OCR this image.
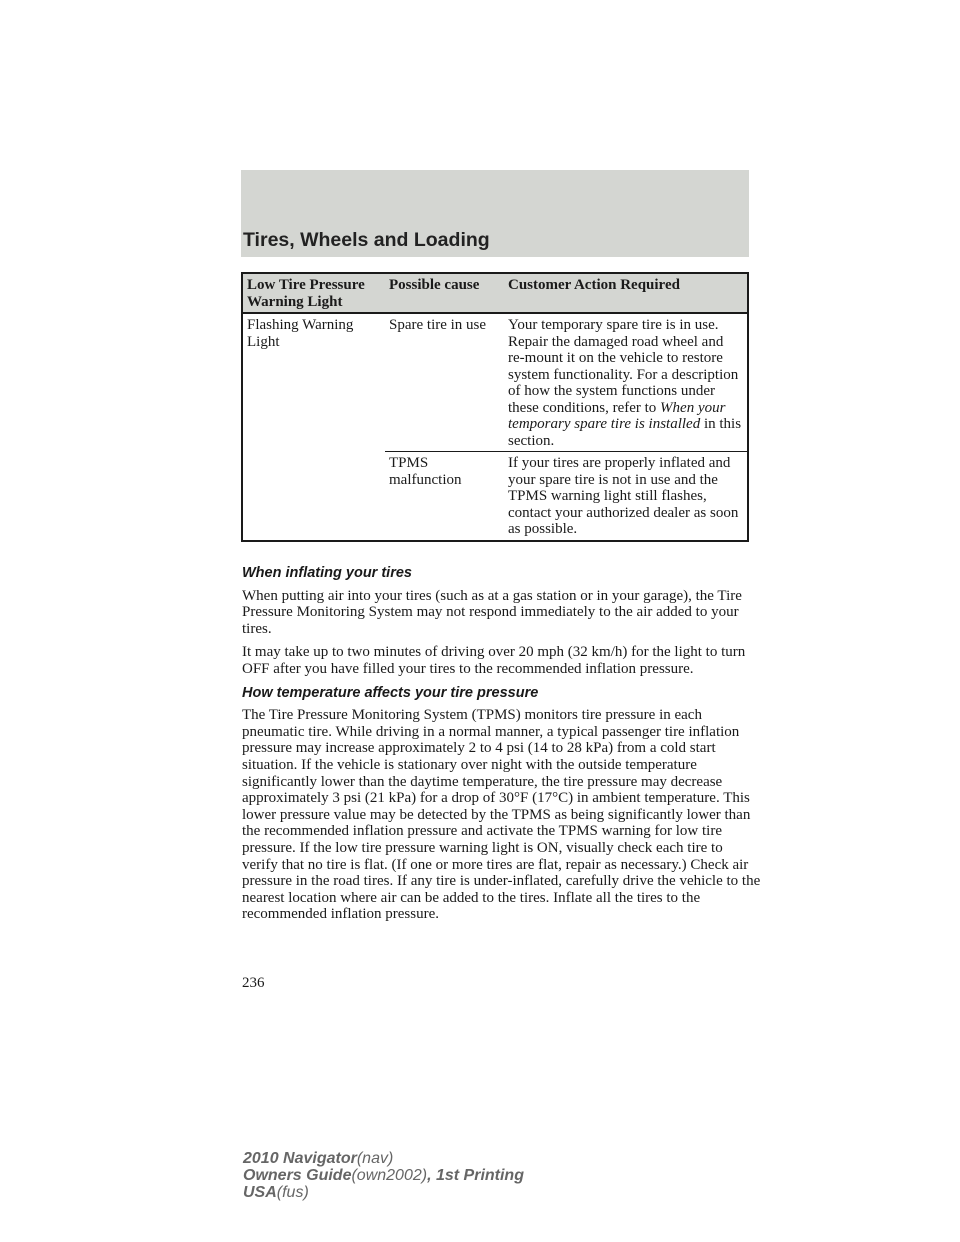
Tires, Wheels and Loading
Low Tire Pressure Warning Light	Possible cause	Customer Action Required
Flashing Warning Light	Spare tire in use	Your temporary spare tire is in use. Repair the damaged road wheel and re-mount it on the vehicle to restore system functionality. For a description of how the system functions under these conditions, refer to When your temporary spare tire is installed in this section.
	TPMS malfunction	If your tires are properly inflated and your spare tire is not in use and the TPMS warning light still flashes, contact your authorized dealer as soon as possible.
When inflating your tires

When putting air into your tires (such as at a gas station or in your garage), the Tire Pressure Monitoring System may not respond immediately to the air added to your tires.

It may take up to two minutes of driving over 20 mph (32 km/h) for the light to turn OFF after you have filled your tires to the recommended inflation pressure.

How temperature affects your tire pressure

The Tire Pressure Monitoring System (TPMS) monitors tire pressure in each pneumatic tire. While driving in a normal manner, a typical passenger tire inflation pressure may increase approximately 2 to 4 psi (14 to 28 kPa) from a cold start situation. If the vehicle is stationary over night with the outside temperature significantly lower than the daytime temperature, the tire pressure may decrease approximately 3 psi (21 kPa) for a drop of 30°F (17°C) in ambient temperature. This lower pressure value may be detected by the TPMS as being significantly lower than the recommended inflation pressure and activate the TPMS warning for low tire pressure. If the low tire pressure warning light is ON, visually check each tire to verify that no tire is flat. (If one or more tires are flat, repair as necessary.) Check air pressure in the road tires. If any tire is under-inflated, carefully drive the vehicle to the nearest location where air can be added to the tires. Inflate all the tires to the recommended inflation pressure.

236
2010 Navigator(nav)
Owners Guide(own2002), 1st Printing
USA(fus)
